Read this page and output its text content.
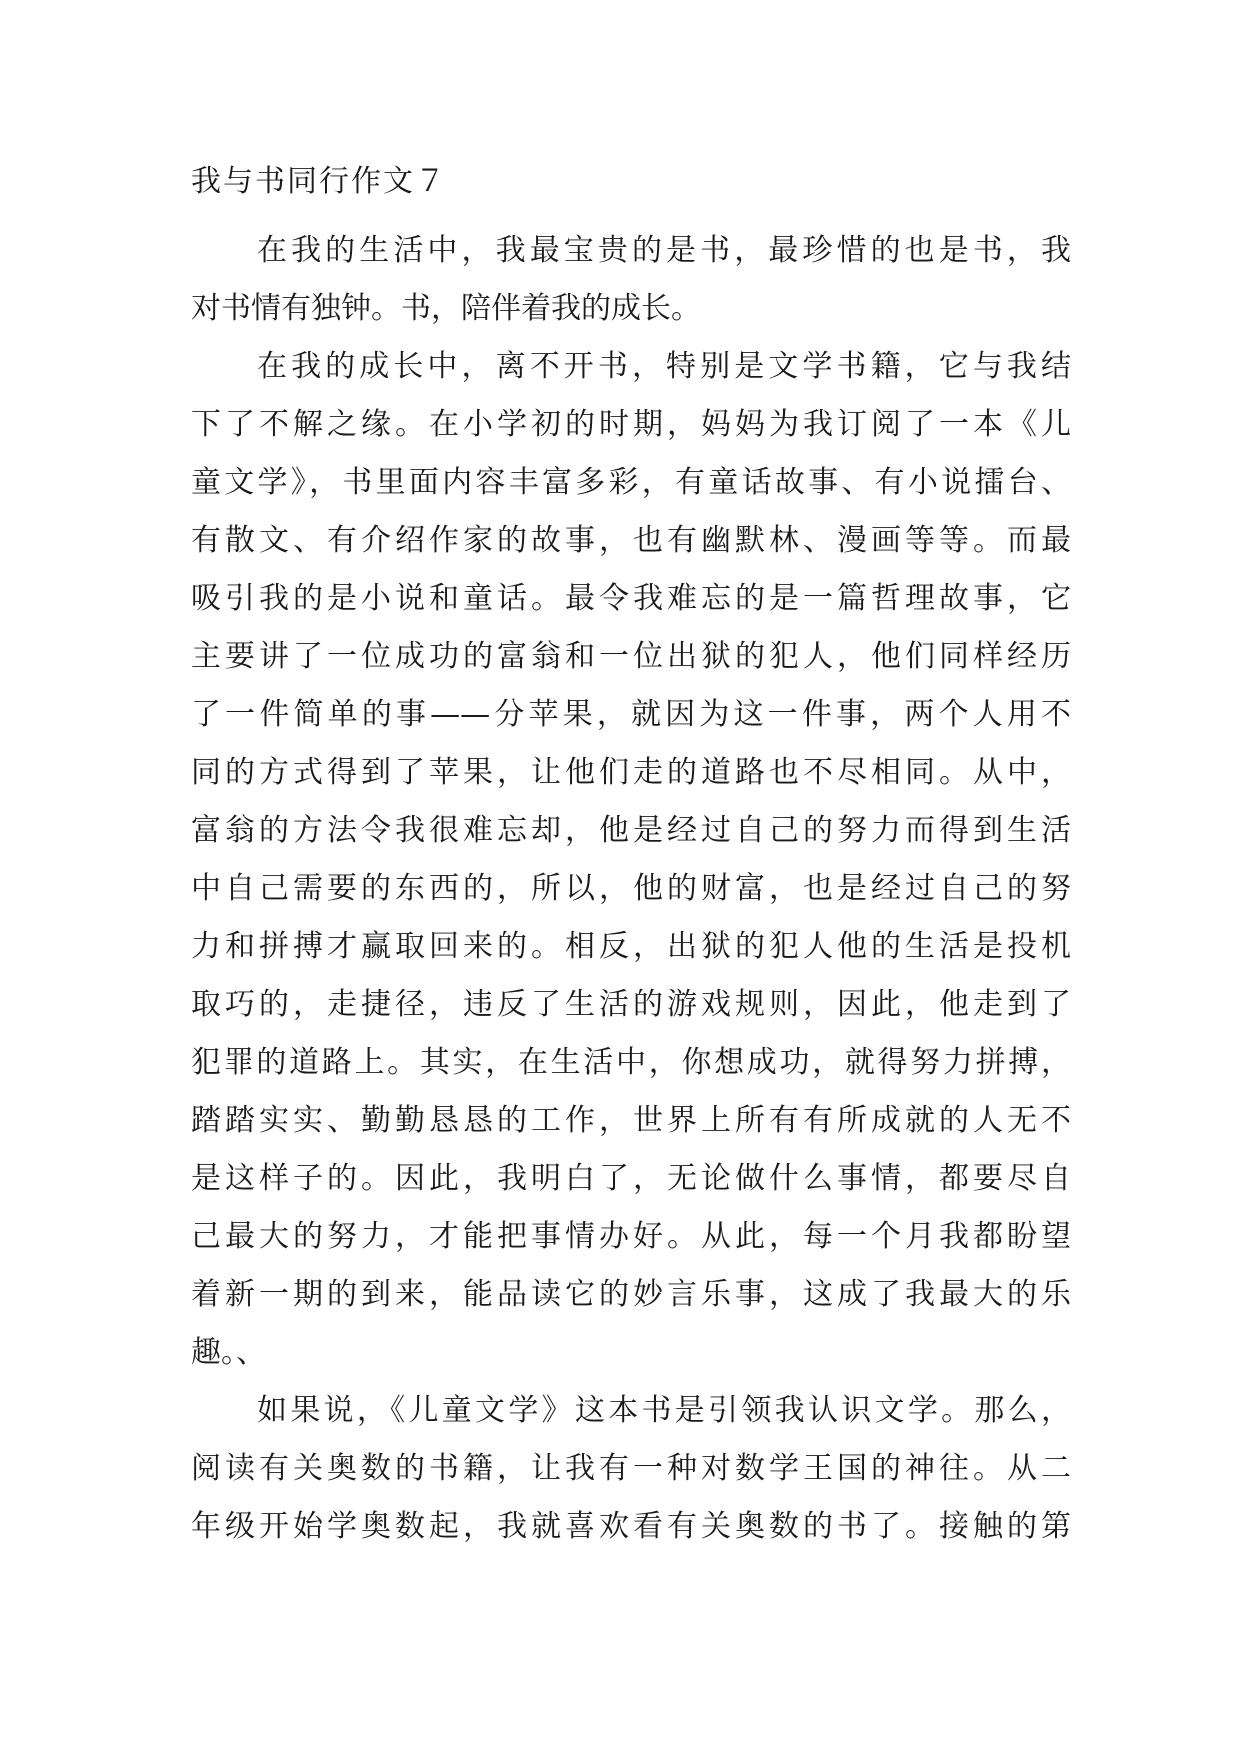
我与书同行作文７
在我的生活中，我最宝贵的是书，最珍惜的也是书，我
对书情有独钟。书，陪伴着我的成长。
在我的成长中，离不开书，特别是文学书籍，它与我结
下了不解之缘。在小学初的时期，妈妈为我订阅了一本《儿
童文学》，书里面内容丰富多彩，有童话故事、有小说擂台、
有散文、有介绍作家的故事，也有幽默林、漫画等等。而最
吸引我的是小说和童话。最令我难忘的是一篇哲理故事，它
主要讲了一位成功的富翁和一位出狱的犯人，他们同样经历
了一件简单的事——分苹果，就因为这一件事，两个人用不
同的方式得到了苹果，让他们走的道路也不尽相同。从中，
富翁的方法令我很难忘却，他是经过自己的努力而得到生活
中自己需要的东西的，所以，他的财富，也是经过自己的努
力和拼搏才赢取回来的。相反，出狱的犯人他的生活是投机
取巧的，走捷径，违反了生活的游戏规则，因此，他走到了
犯罪的道路上。其实，在生活中，你想成功，就得努力拼搏，
踏踏实实、勤勤恳恳的工作，世界上所有有所成就的人无不
是这样子的。因此，我明白了，无论做什么事情，都要尽自
己最大的努力，才能把事情办好。从此，每一个月我都盼望
着新一期的到来，能品读它的妙言乐事，这成了我最大的乐
趣。、
如果说，《儿童文学》这本书是引领我认识文学。那么，
阅读有关奥数的书籍，让我有一种对数学王国的神往。从二
年级开始学奥数起，我就喜欢看有关奥数的书了。接触的第
